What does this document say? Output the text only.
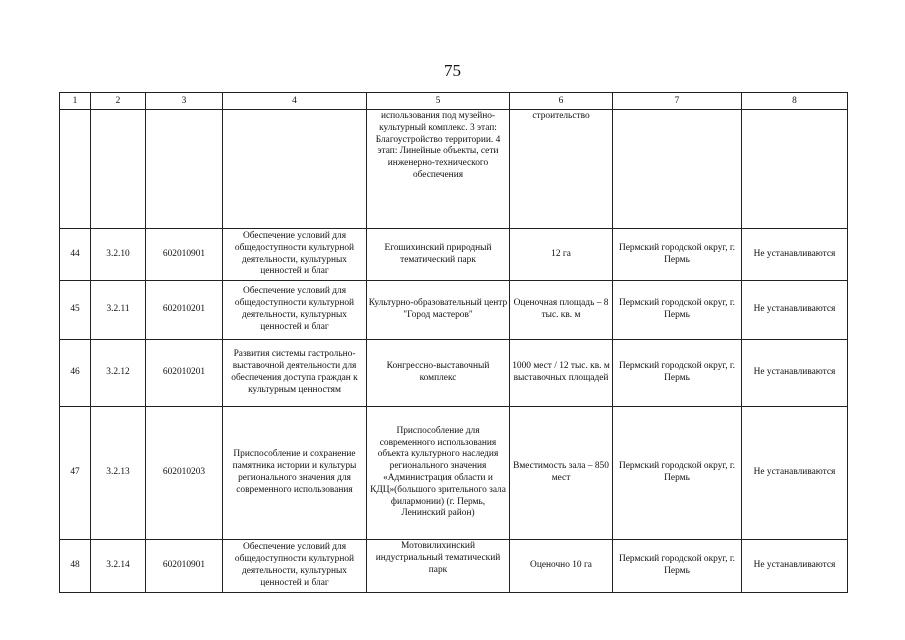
75
1	2	3	4	5	6	7	8
				использования под музейно-культурный комплекс. 3 этап: Благоустройство территории. 4 этап: Линейные объекты, сети инженерно-технического обеспечения	строительство		
44	3.2.10	602010901	Обеспечение условий для общедоступности культурной деятельности, культурных ценностей и благ	Егошихинский природный тематический парк	12 га	Пермский городской округ, г. Пермь	Не устанавливаются
45	3.2.11	602010201	Обеспечение условий для общедоступности культурной деятельности, культурных ценностей и благ	Культурно-образовательный центр "Город мастеров"	Оценочная площадь – 8 тыс. кв. м	Пермский городской округ, г. Пермь	Не устанавливаются
46	3.2.12	602010201	Развития системы гастрольно-выставочной деятельности для обеспечения доступа граждан к культурным ценностям	Конгрессно-выставочный комплекс	1000 мест / 12 тыс. кв. м выставочных площадей	Пермский городской округ, г. Пермь	Не устанавливаются
47	3.2.13	602010203	Приспособление и сохранение памятника истории и культуры регионального значения для современного использования	Приспособление для современного использования объекта культурного наследия регионального значения «Администрация области и КДЦ»(большого зрительного зала филармонии) (г. Пермь, Ленинский район)	Вместимость зала – 850 мест	Пермский городской округ, г. Пермь	Не устанавливаются
48	3.2.14	602010901	Обеспечение условий для общедоступности культурной деятельности, культурных ценностей и благ	Мотовилихинский индустриальный тематический парк	Оценочно 10 га	Пермский городской округ, г. Пермь	Не устанавливаются
